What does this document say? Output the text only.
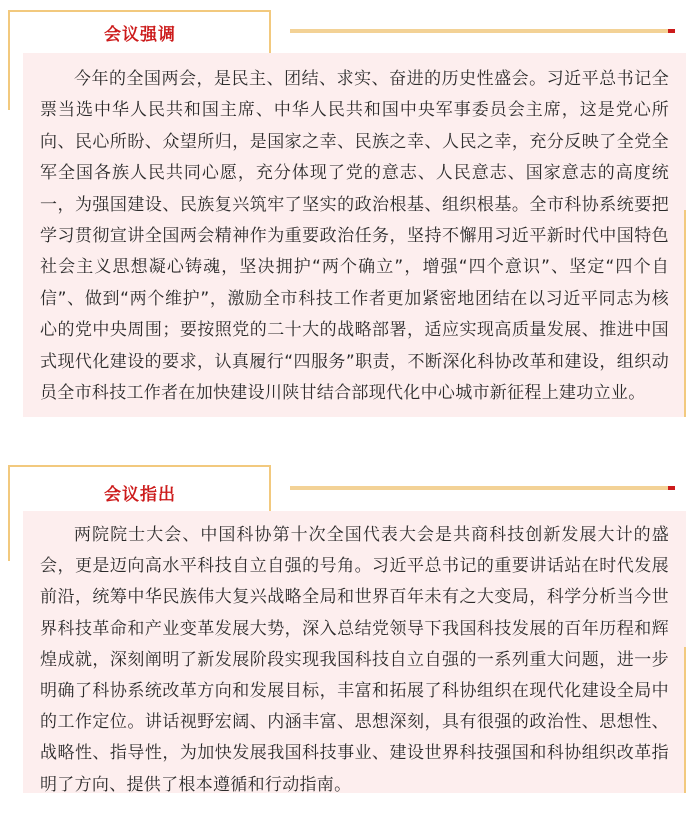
会议强调

今年的全国两会，是民主、团结、求实、奋进的历史性盛会。习近平总书记全票当选中华人民共和国主席、中华人民共和国中央军事委员会主席，这是党心所向、民心所盼、众望所归，是国家之幸、民族之幸、人民之幸，充分反映了全党全军全国各族人民共同心愿，充分体现了党的意志、人民意志、国家意志的高度统一，为强国建设、民族复兴筑牢了坚实的政治根基、组织根基。全市科协系统要把学习贯彻宣讲全国两会精神作为重要政治任务，坚持不懈用习近平新时代中国特色社会主义思想凝心铸魂，坚决拥护“两个确立”，增强“四个意识”、坚定“四个自信”、做到“两个维护”，激励全市科技工作者更加紧密地团结在以习近平同志为核心的党中央周围；要按照党的二十大的战略部署，适应实现高质量发展、推进中国式现代化建设的要求，认真履行“四服务”职责，不断深化科协改革和建设，组织动员全市科技工作者在加快建设川陕甘结合部现代化中心城市新征程上建功立业。

会议指出

两院院士大会、中国科协第十次全国代表大会是共商科技创新发展大计的盛会，更是迈向高水平科技自立自强的号角。习近平总书记的重要讲话站在时代发展前沿，统筹中华民族伟大复兴战略全局和世界百年未有之大变局，科学分析当今世界科技革命和产业变革发展大势，深入总结党领导下我国科技发展的百年历程和辉煌成就，深刻阐明了新发展阶段实现我国科技自立自强的一系列重大问题，进一步明确了科协系统改革方向和发展目标，丰富和拓展了科协组织在现代化建设全局中的工作定位。讲话视野宏阔、内涵丰富、思想深刻，具有很强的政治性、思想性、战略性、指导性，为加快发展我国科技事业、建设世界科技强国和科协组织改革指明了方向、提供了根本遵循和行动指南。
